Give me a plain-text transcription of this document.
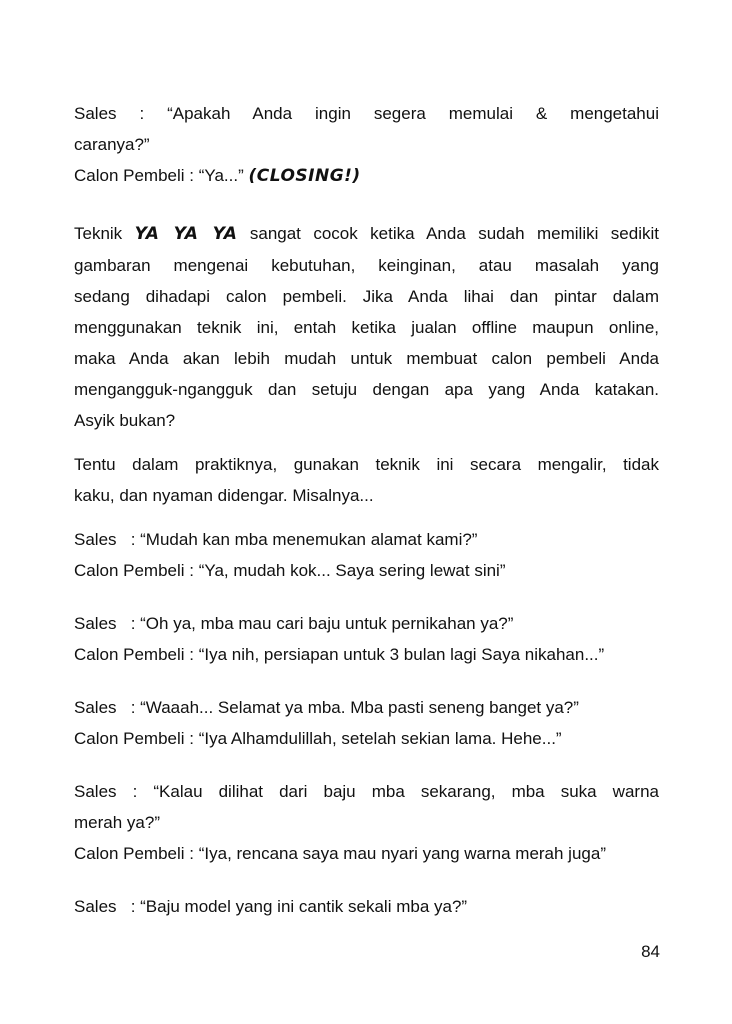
Sales : “Apakah Anda ingin segera memulai & mengetahui
caranya?”
Calon Pembeli : “Ya...” (CLOSING!)
Teknik YA YA YA sangat cocok ketika Anda sudah memiliki sedikit
gambaran mengenai kebutuhan, keinginan, atau masalah yang
sedang dihadapi calon pembeli. Jika Anda lihai dan pintar dalam
menggunakan teknik ini, entah ketika jualan offline maupun online,
maka Anda akan lebih mudah untuk membuat calon pembeli Anda
mengangguk-ngangguk dan setuju dengan apa yang Anda katakan.
Asyik bukan?
Tentu dalam praktiknya, gunakan teknik ini secara mengalir, tidak
kaku, dan nyaman didengar. Misalnya...
Sales   : “Mudah kan mba menemukan alamat kami?”
Calon Pembeli : “Ya, mudah kok... Saya sering lewat sini”
Sales   : “Oh ya, mba mau cari baju untuk pernikahan ya?”
Calon Pembeli : “Iya nih, persiapan untuk 3 bulan lagi Saya nikahan...”
Sales   : “Waaah... Selamat ya mba. Mba pasti seneng banget ya?”
Calon Pembeli : “Iya Alhamdulillah, setelah sekian lama. Hehe...”
Sales : “Kalau dilihat dari baju mba sekarang, mba suka warna
merah ya?”
Calon Pembeli : “Iya, rencana saya mau nyari yang warna merah juga”
Sales   : “Baju model yang ini cantik sekali mba ya?”
84
